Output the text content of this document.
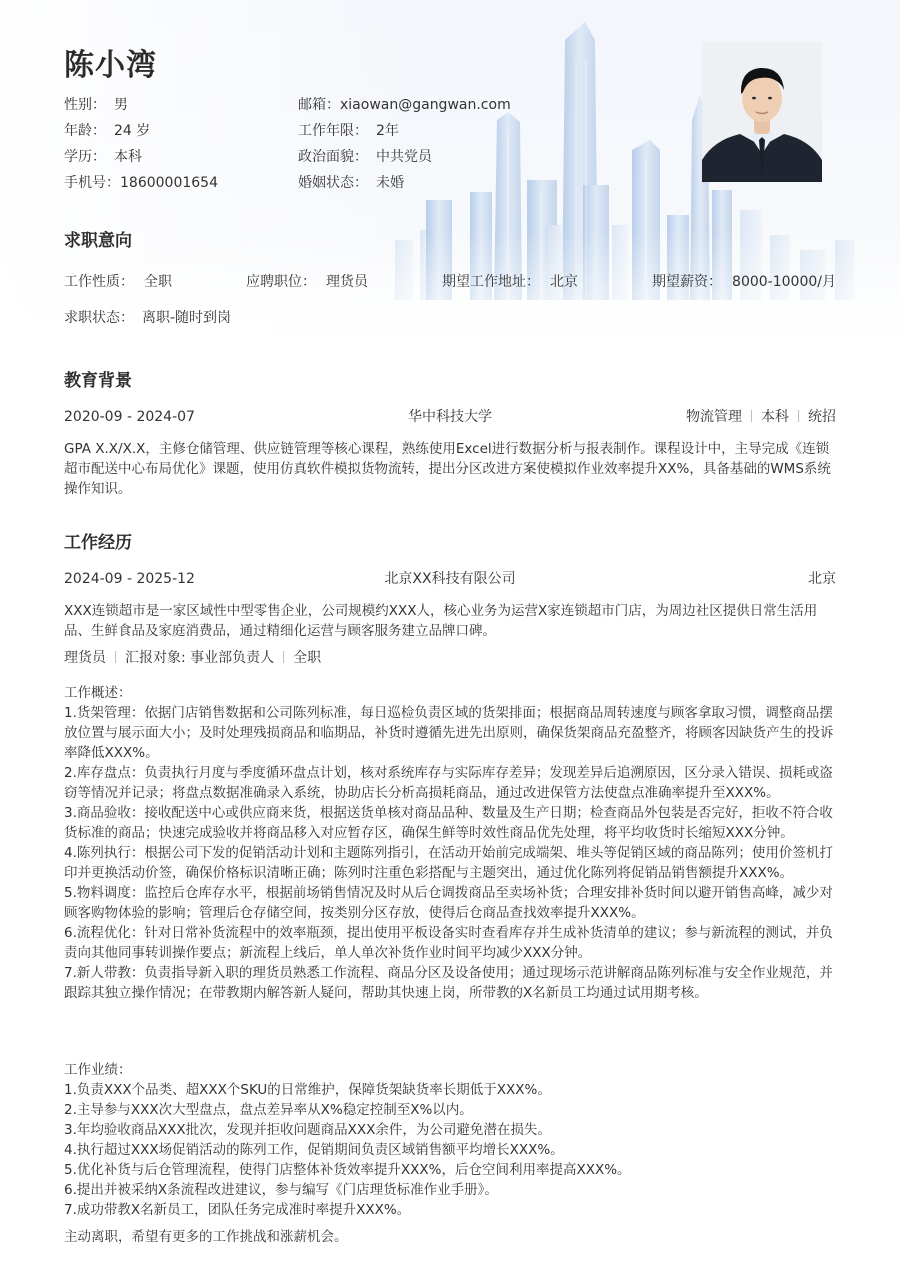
陈小湾
性别： 男
年龄： 24 岁
学历： 本科
手机号：18600001654
邮箱：xiaowan@gangwan.com
工作年限： 2年
政治面貌： 中共党员
婚姻状态： 未婚
求职意向
工作性质： 全职	应聘职位： 理货员	期望工作地址： 北京	期望薪资： 8000-10000/月
求职状态： 离职-随时到岗
教育背景
2020-09 - 2024-07	华中科技大学	物流管理 本科 统招
GPA X.X/X.X，主修仓储管理、供应链管理等核心课程，熟练使用Excel进行数据分析与报表制作。课程设计中，主导完成《连锁超市配送中心布局优化》课题，使用仿真软件模拟货物流转，提出分区改进方案使模拟作业效率提升XX%，具备基础的WMS系统操作知识。
工作经历
2024-09 - 2025-12	北京XX科技有限公司	北京
XXX连锁超市是一家区域性中型零售企业，公司规模约XXX人，核心业务为运营X家连锁超市门店，为周边社区提供日常生活用品、生鲜食品及家庭消费品，通过精细化运营与顾客服务建立品牌口碑。
理货员 汇报对象: 事业部负责人 全职

工作概述：

1.货架管理：依据门店销售数据和公司陈列标准，每日巡检负责区域的货架排面；根据商品周转速度与顾客拿取习惯，调整商品摆放位置与展示面大小；及时处理残损商品和临期品，补货时遵循先进先出原则，确保货架商品充盈整齐，将顾客因缺货产生的投诉率降低XXX%。

2.库存盘点：负责执行月度与季度循环盘点计划，核对系统库存与实际库存差异；发现差异后追溯原因，区分录入错误、损耗或盗窃等情况并记录；将盘点数据准确录入系统，协助店长分析高损耗商品，通过改进保管方法使盘点准确率提升至XXX%。

3.商品验收：接收配送中心或供应商来货，根据送货单核对商品品种、数量及生产日期；检查商品外包装是否完好，拒收不符合收货标准的商品；快速完成验收并将商品移入对应暂存区，确保生鲜等时效性商品优先处理，将平均收货时长缩短XXX分钟。

4.陈列执行：根据公司下发的促销活动计划和主题陈列指引，在活动开始前完成端架、堆头等促销区域的商品陈列；使用价签机打印并更换活动价签，确保价格标识清晰正确；陈列时注重色彩搭配与主题突出，通过优化陈列将促销品销售额提升XXX%。

5.物料调度：监控后仓库存水平，根据前场销售情况及时从后仓调拨商品至卖场补货；合理安排补货时间以避开销售高峰，减少对顾客购物体验的影响；管理后仓存储空间，按类别分区存放，使得后仓商品查找效率提升XXX%。

6.流程优化：针对日常补货流程中的效率瓶颈，提出使用平板设备实时查看库存并生成补货清单的建议；参与新流程的测试，并负责向其他同事转训操作要点；新流程上线后，单人单次补货作业时间平均减少XXX分钟。

7.新人带教：负责指导新入职的理货员熟悉工作流程、商品分区及设备使用；通过现场示范讲解商品陈列标准与安全作业规范，并跟踪其独立操作情况；在带教期内解答新人疑问，帮助其快速上岗，所带教的X名新员工均通过试用期考核。

工作业绩：

1.负责XXX个品类、超XXX个SKU的日常维护，保障货架缺货率长期低于XXX%。

2.主导参与XXX次大型盘点，盘点差异率从X%稳定控制至X%以内。

3.年均验收商品XXX批次，发现并拒收问题商品XXX余件，为公司避免潜在损失。

4.执行超过XXX场促销活动的陈列工作，促销期间负责区域销售额平均增长XXX%。

5.优化补货与后仓管理流程，使得门店整体补货效率提升XXX%，后仓空间利用率提高XXX%。

6.提出并被采纳X条流程改进建议，参与编写《门店理货标准作业手册》。

7.成功带教X名新员工，团队任务完成准时率提升XXX%。

主动离职，希望有更多的工作挑战和涨薪机会。
